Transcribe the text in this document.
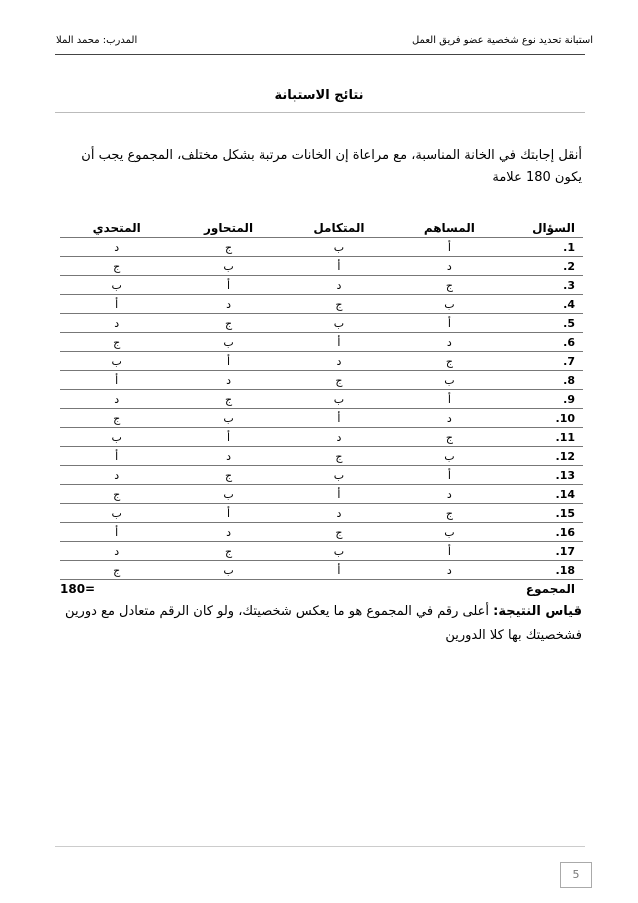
استبانة تحديد نوع شخصية عضو فريق العمل
المدرب: محمد الملا
نتائج الاستبانة
أنقل إجابتك في الخانة المناسبة، مع مراعاة إن الخانات مرتبة بشكل مختلف، المجموع يجب أن يكون 180 علامة
السؤال	المساهم	المتكامل	المتحاور	المتحدي
1.	أ	ب	ج	د
2.	د	أ	ب	ج
3.	ج	د	أ	ب
4.	ب	ج	د	أ
5.	أ	ب	ج	د
6.	د	أ	ب	ج
7.	ج	د	أ	ب
8.	ب	ج	د	أ
9.	أ	ب	ج	د
10.	د	أ	ب	ج
11.	ج	د	أ	ب
12.	ب	ج	د	أ
13.	أ	ب	ج	د
14.	د	أ	ب	ج
15.	ج	د	أ	ب
16.	ب	ج	د	أ
17.	أ	ب	ج	د
18.	د	أ	ب	ج
المجموع				180=
قياس النتيجة: أعلى رقم في المجموع هو ما يعكس شخصيتك، ولو كان الرقم متعادل مع دورين فشخصيتك بها كلا الدورين
5
